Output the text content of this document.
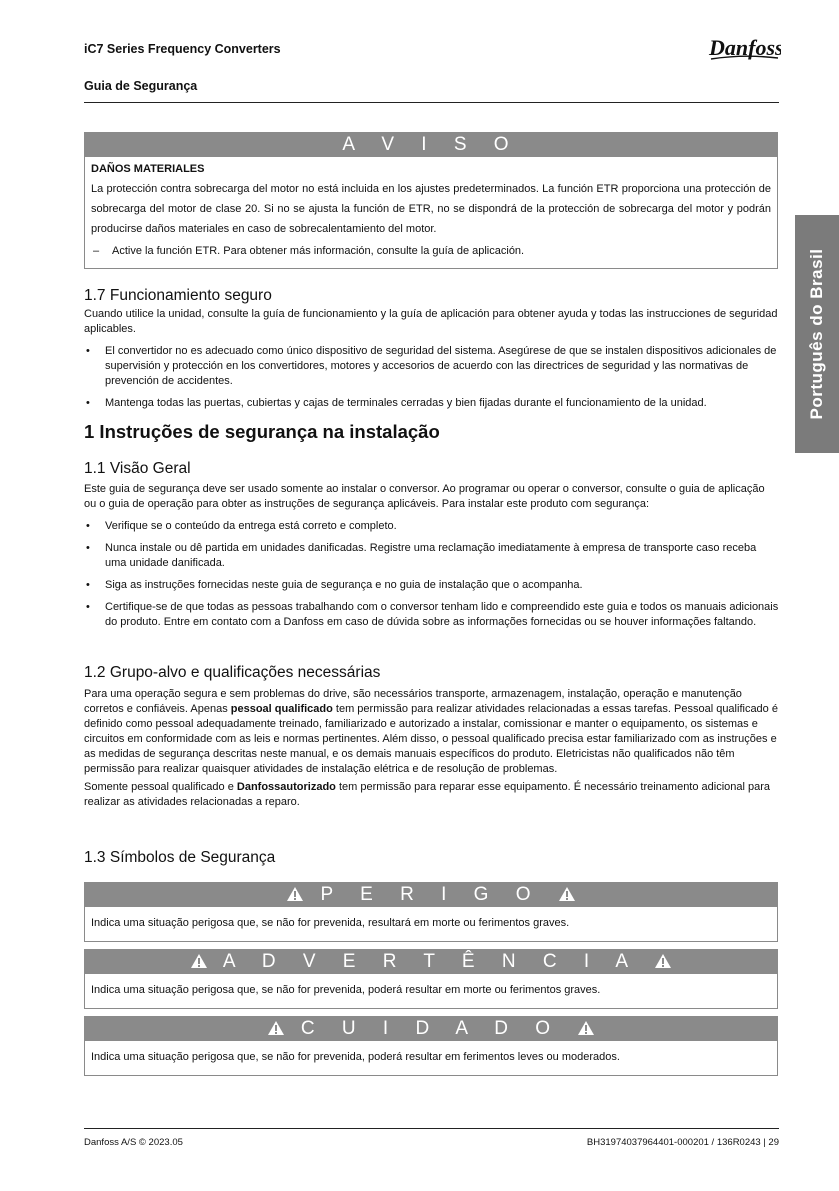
iC7 Series Frequency Converters
Guia de Segurança
Danfoss
Português do Brasil
A V I S O

DAÑOS MATERIALES

La protección contra sobrecarga del motor no está incluida en los ajustes predeterminados. La función ETR proporciona una protección de sobrecarga del motor de clase 20. Si no se ajusta la función de ETR, no se dispondrá de la protección de sobrecarga del motor y podrán producirse daños materiales en caso de sobrecalentamiento del motor.

– Active la función ETR. Para obtener más información, consulte la guía de aplicación.
1.7 Funcionamiento seguro

Cuando utilice la unidad, consulte la guía de funcionamiento y la guía de aplicación para obtener ayuda y todas las instrucciones de seguridad aplicables.

• El convertidor no es adecuado como único dispositivo de seguridad del sistema. Asegúrese de que se instalen dispositivos adicionales de supervisión y protección en los convertidores, motores y accesorios de acuerdo con las directrices de seguridad y las normativas de prevención de accidentes.
• Mantenga todas las puertas, cubiertas y cajas de terminales cerradas y bien fijadas durante el funcionamiento de la unidad.
1 Instruções de segurança na instalação
1.1 Visão Geral

Este guia de segurança deve ser usado somente ao instalar o conversor. Ao programar ou operar o conversor, consulte o guia de aplicação ou o guia de operação para obter as instruções de segurança aplicáveis. Para instalar este produto com segurança:

• Verifique se o conteúdo da entrega está correto e completo.
• Nunca instale ou dê partida em unidades danificadas. Registre uma reclamação imediatamente à empresa de transporte caso receba uma unidade danificada.
• Siga as instruções fornecidas neste guia de segurança e no guia de instalação que o acompanha.
• Certifique-se de que todas as pessoas trabalhando com o conversor tenham lido e compreendido este guia e todos os manuais adicionais do produto. Entre em contato com a Danfoss em caso de dúvida sobre as informações fornecidas ou se houver informações faltando.
1.2 Grupo-alvo e qualificações necessárias

Para uma operação segura e sem problemas do drive, são necessários transporte, armazenagem, instalação, operação e manutenção corretos e confiáveis. Apenas pessoal qualificado tem permissão para realizar atividades relacionadas a essas tarefas. Pessoal qualificado é definido como pessoal adequadamente treinado, familiarizado e autorizado a instalar, comissionar e manter o equipamento, os sistemas e circuitos em conformidade com as leis e normas pertinentes. Além disso, o pessoal qualificado precisa estar familiarizado com as instruções e as medidas de segurança descritas neste manual, e os demais manuais específicos do produto. Eletricistas não qualificados não têm permissão para realizar quaisquer atividades de instalação elétrica e de resolução de problemas.

Somente pessoal qualificado e Danfossautorizado tem permissão para reparar esse equipamento. É necessário treinamento adicional para realizar as atividades relacionadas a reparo.

1.3 Símbolos de Segurança
P E R I G O
Indica uma situação perigosa que, se não for prevenida, resultará em morte ou ferimentos graves.
A D V E R T Ê N C I A
Indica uma situação perigosa que, se não for prevenida, poderá resultar em morte ou ferimentos graves.
C U I D A D O
Indica uma situação perigosa que, se não for prevenida, poderá resultar em ferimentos leves ou moderados.
Danfoss A/S © 2023.05	BH31974037964401-000201 / 136R0243 | 29
